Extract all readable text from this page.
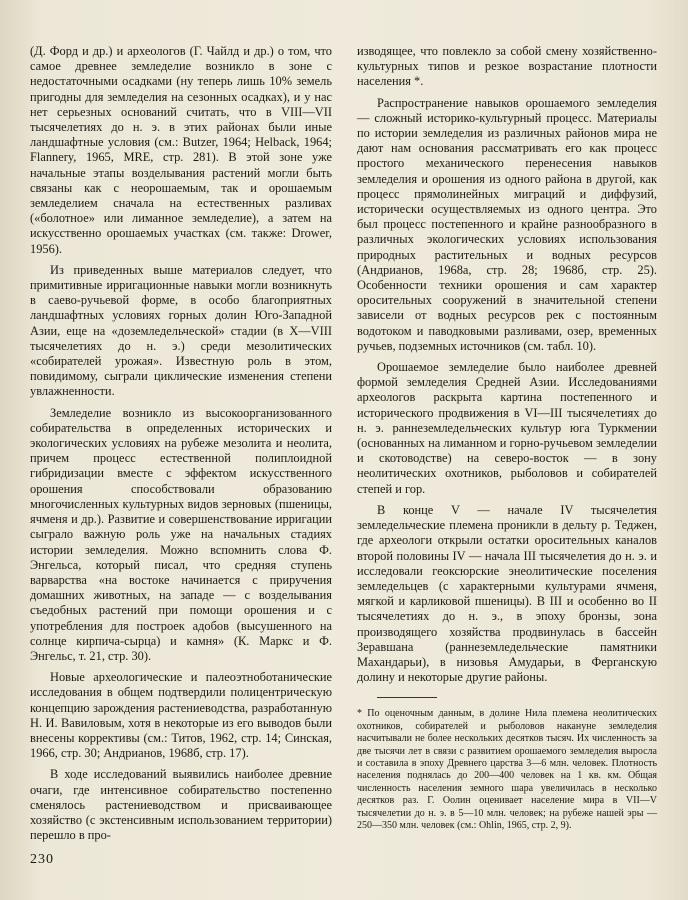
(Д. Форд и др.) и археологов (Г. Чайлд и др.) о том, что самое древнее земледелие возникло в зоне с недостаточными осадками (ну теперь лишь 10% земель пригодны для земледелия на сезонных осадках), и у нас нет серьезных оснований считать, что в VIII—VII тысячелетиях до н. э. в этих районах были иные ландшафтные условия (см.: Butzer, 1964; Helback, 1964; Flannery, 1965, MRE, стр. 281). В этой зоне уже начальные этапы возделывания растений могли быть связаны как с неорошаемым, так и орошаемым земледелием сначала на естественных разливах («болотное» или лиманное земледелие), а затем на искусственно орошаемых участках (см. также: Drower, 1956).

Из приведенных выше материалов следует, что примитивные ирригационные навыки могли возникнуть в саево-ручьевой форме, в особо благоприятных ландшафтных условиях горных долин Юго-Западной Азии, еще на «доземледельческой» стадии (в X—VIII тысячелетиях до н. э.) среди мезолитических «собирателей урожая». Известную роль в этом, повидимому, сыграли циклические изменения степени увлажненности.

Земледелие возникло из высокоорганизованного собирательства в определенных исторических и экологических условиях на рубеже мезолита и неолита, причем процесс естественной полиплоидной гибридизации вместе с эффектом искусственного орошения способствовали образованию многочисленных культурных видов зерновых (пшеницы, ячменя и др.). Развитие и совершенствование ирригации сыграло важную роль уже на начальных стадиях истории земледелия. Можно вспомнить слова Ф. Энгельса, который писал, что средняя ступень варварства «на востоке начинается с приручения домашних животных, на западе — с возделывания съедобных растений при помощи орошения и с употребления для построек адобов (высушенного на солнце кирпича-сырца) и камня» (К. Маркс и Ф. Энгельс, т. 21, стр. 30).

Новые археологические и палеоэтноботанические исследования в общем подтвердили полицентрическую концепцию зарождения растениеводства, разработанную Н. И. Вавиловым, хотя в некоторые из его выводов были внесены коррективы (см.: Титов, 1962, стр. 14; Синская, 1966, стр. 30; Андрианов, 1968б, стр. 17).

В ходе исследований выявились наиболее древние очаги, где интенсивное собирательство постепенно сменялось растениеводством и присваивающее хозяйство (с экстенсивным использованием территории) перешло в про-

изводящее, что повлекло за собой смену хозяйственно-культурных типов и резкое возрастание плотности населения *.

Распространение навыков орошаемого земледелия — сложный историко-культурный процесс. Материалы по истории земледелия из различных районов мира не дают нам основания рассматривать его как процесс простого механического перенесения навыков земледелия и орошения из одного района в другой, как процесс прямолинейных миграций и диффузий, исторически осуществляемых из одного центра. Это был процесс постепенного и крайне разнообразного в различных экологических условиях использования природных растительных и водных ресурсов (Андрианов, 1968а, стр. 28; 1968б, стр. 25). Особенности техники орошения и сам характер оросительных сооружений в значительной степени зависели от водных ресурсов рек с постоянным водотоком и паводковыми разливами, озер, временных ручьев, подземных источников (см. табл. 10).

Орошаемое земледелие было наиболее древней формой земледелия Средней Азии. Исследованиями археологов раскрыта картина постепенного и исторического продвижения в VI—III тысячелетиях до н. э. раннеземледельческих культур юга Туркмении (основанных на лиманном и горно-ручьевом земледелии и скотоводстве) на северо-восток — в зону неолитических охотников, рыболовов и собирателей степей и гор.

В конце V — начале IV тысячелетия земледельческие племена проникли в дельту р. Теджен, где археологи открыли остатки оросительных каналов второй половины IV — начала III тысячелетия до н. э. и исследовали геоксюрские энеолитические поселения земледельцев (с характерными культурами ячменя, мягкой и карликовой пшеницы). В III и особенно во II тысячелетиях до н. э., в эпоху бронзы, зона производящего хозяйства продвинулась в бассейн Зеравшана (раннеземледельческие памятники Махандарьи), в низовья Амударьи, в Ферганскую долину и некоторые другие районы.

* По оценочным данным, в долине Нила племена неолитических охотников, собирателей и рыболовов накануне земледелия насчитывали не более нескольких десятков тысяч. Их численность за две тысячи лет в связи с развитием орошаемого земледелия выросла и составила в эпоху Древнего царства 3—6 млн. человек. Плотность населения поднялась до 200—400 человек на 1 кв. км. Общая численность населения земного шара увеличилась в несколько десятков раз. Г. Оолин оценивает население мира в VII—V тысячелетии до н. э. в 5—10 млн. человек; на рубеже нашей эры — 250—350 млн. человек (см.: Ohlin, 1965, стр. 2, 9).

230
